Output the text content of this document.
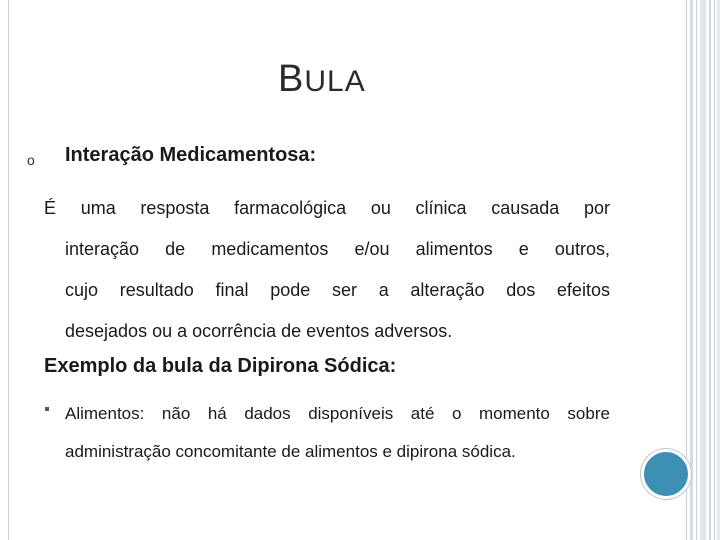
BULA
o Interação Medicamentosa:
É uma resposta farmacológica ou clínica causada por
interação de medicamentos e/ou alimentos e outros,
cujo resultado final pode ser a alteração dos efeitos
desejados ou a ocorrência de eventos adversos.
Exemplo da bula da Dipirona Sódica:
Alimentos: não há dados disponíveis até o momento sobre
administração concomitante de alimentos e dipirona sódica.
